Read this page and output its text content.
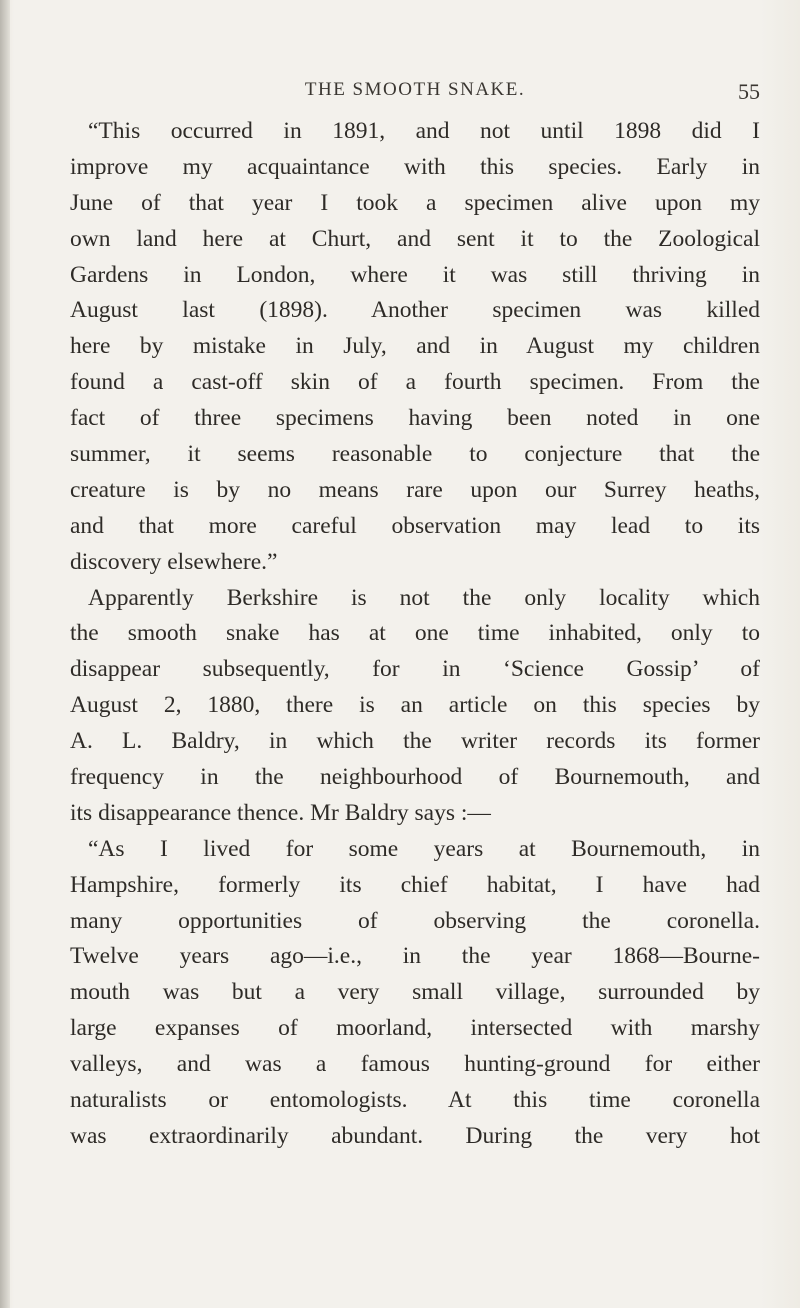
THE SMOOTH SNAKE.	55
“This occurred in 1891, and not until 1898 did I
improve my acquaintance with this species. Early in
June of that year I took a specimen alive upon my
own land here at Churt, and sent it to the Zoological
Gardens in London, where it was still thriving in
August last (1898). Another specimen was killed
here by mistake in July, and in August my children
found a cast-off skin of a fourth specimen. From the
fact of three specimens having been noted in one
summer, it seems reasonable to conjecture that the
creature is by no means rare upon our Surrey heaths,
and that more careful observation may lead to its
discovery elsewhere.”
Apparently Berkshire is not the only locality which
the smooth snake has at one time inhabited, only to
disappear subsequently, for in ‘Science Gossip’ of
August 2, 1880, there is an article on this species by
A. L. Baldry, in which the writer records its former
frequency in the neighbourhood of Bournemouth, and
its disappearance thence. Mr Baldry says :—
“As I lived for some years at Bournemouth, in
Hampshire, formerly its chief habitat, I have had
many opportunities of observing the coronella.
Twelve years ago—i.e., in the year 1868—Bourne-
mouth was but a very small village, surrounded by
large expanses of moorland, intersected with marshy
valleys, and was a famous hunting-ground for either
naturalists or entomologists. At this time coronella
was extraordinarily abundant. During the very hot
